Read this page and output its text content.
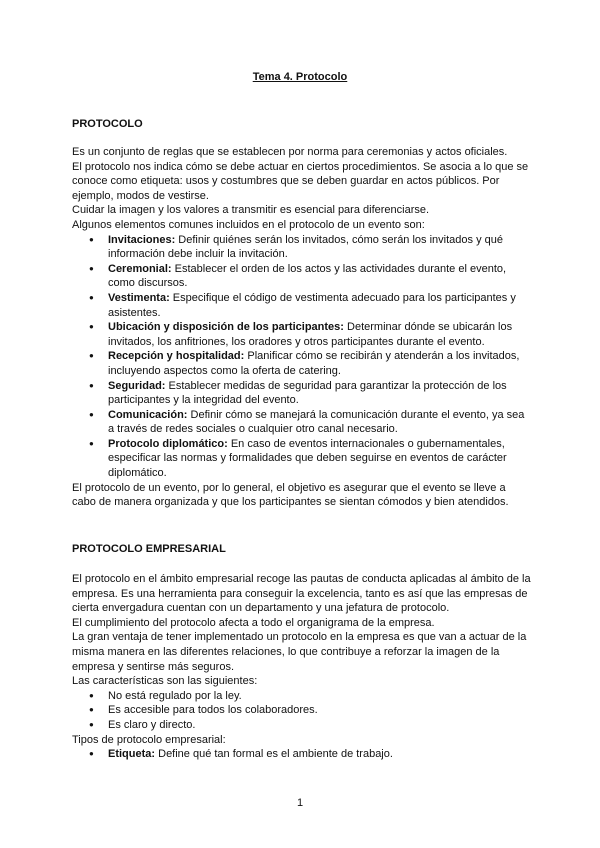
Tema 4. Protocolo
PROTOCOLO

Es un conjunto de reglas que se establecen por norma para ceremonias y actos oficiales.

El protocolo nos indica cómo se debe actuar en ciertos procedimientos. Se asocia a lo que se conoce como etiqueta: usos y costumbres que se deben guardar en actos públicos. Por ejemplo, modos de vestirse.

Cuidar la imagen y los valores a transmitir es esencial para diferenciarse.

Algunos elementos comunes incluidos en el protocolo de un evento son:

● Invitaciones: Definir quiénes serán los invitados, cómo serán los invitados y qué información debe incluir la invitación.
● Ceremonial: Establecer el orden de los actos y las actividades durante el evento, como discursos.
● Vestimenta: Especifique el código de vestimenta adecuado para los participantes y asistentes.
● Ubicación y disposición de los participantes: Determinar dónde se ubicarán los invitados, los anfitriones, los oradores y otros participantes durante el evento.
● Recepción y hospitalidad: Planificar cómo se recibirán y atenderán a los invitados, incluyendo aspectos como la oferta de catering.
● Seguridad: Establecer medidas de seguridad para garantizar la protección de los participantes y la integridad del evento.
● Comunicación: Definir cómo se manejará la comunicación durante el evento, ya sea a través de redes sociales o cualquier otro canal necesario.
● Protocolo diplomático: En caso de eventos internacionales o gubernamentales, especificar las normas y formalidades que deben seguirse en eventos de carácter diplomático.

El protocolo de un evento, por lo general, el objetivo es asegurar que el evento se lleve a cabo de manera organizada y que los participantes se sientan cómodos y bien atendidos.

PROTOCOLO EMPRESARIAL

El protocolo en el ámbito empresarial recoge las pautas de conducta aplicadas al ámbito de la empresa. Es una herramienta para conseguir la excelencia, tanto es así que las empresas de cierta envergadura cuentan con un departamento y una jefatura de protocolo.

El cumplimiento del protocolo afecta a todo el organigrama de la empresa.

La gran ventaja de tener implementado un protocolo en la empresa es que van a actuar de la misma manera en las diferentes relaciones, lo que contribuye a reforzar la imagen de la empresa y sentirse más seguros.

Las características son las siguientes:

● No está regulado por la ley.
● Es accesible para todos los colaboradores.
● Es claro y directo.

Tipos de protocolo empresarial:

● Etiqueta: Define qué tan formal es el ambiente de trabajo.
1
